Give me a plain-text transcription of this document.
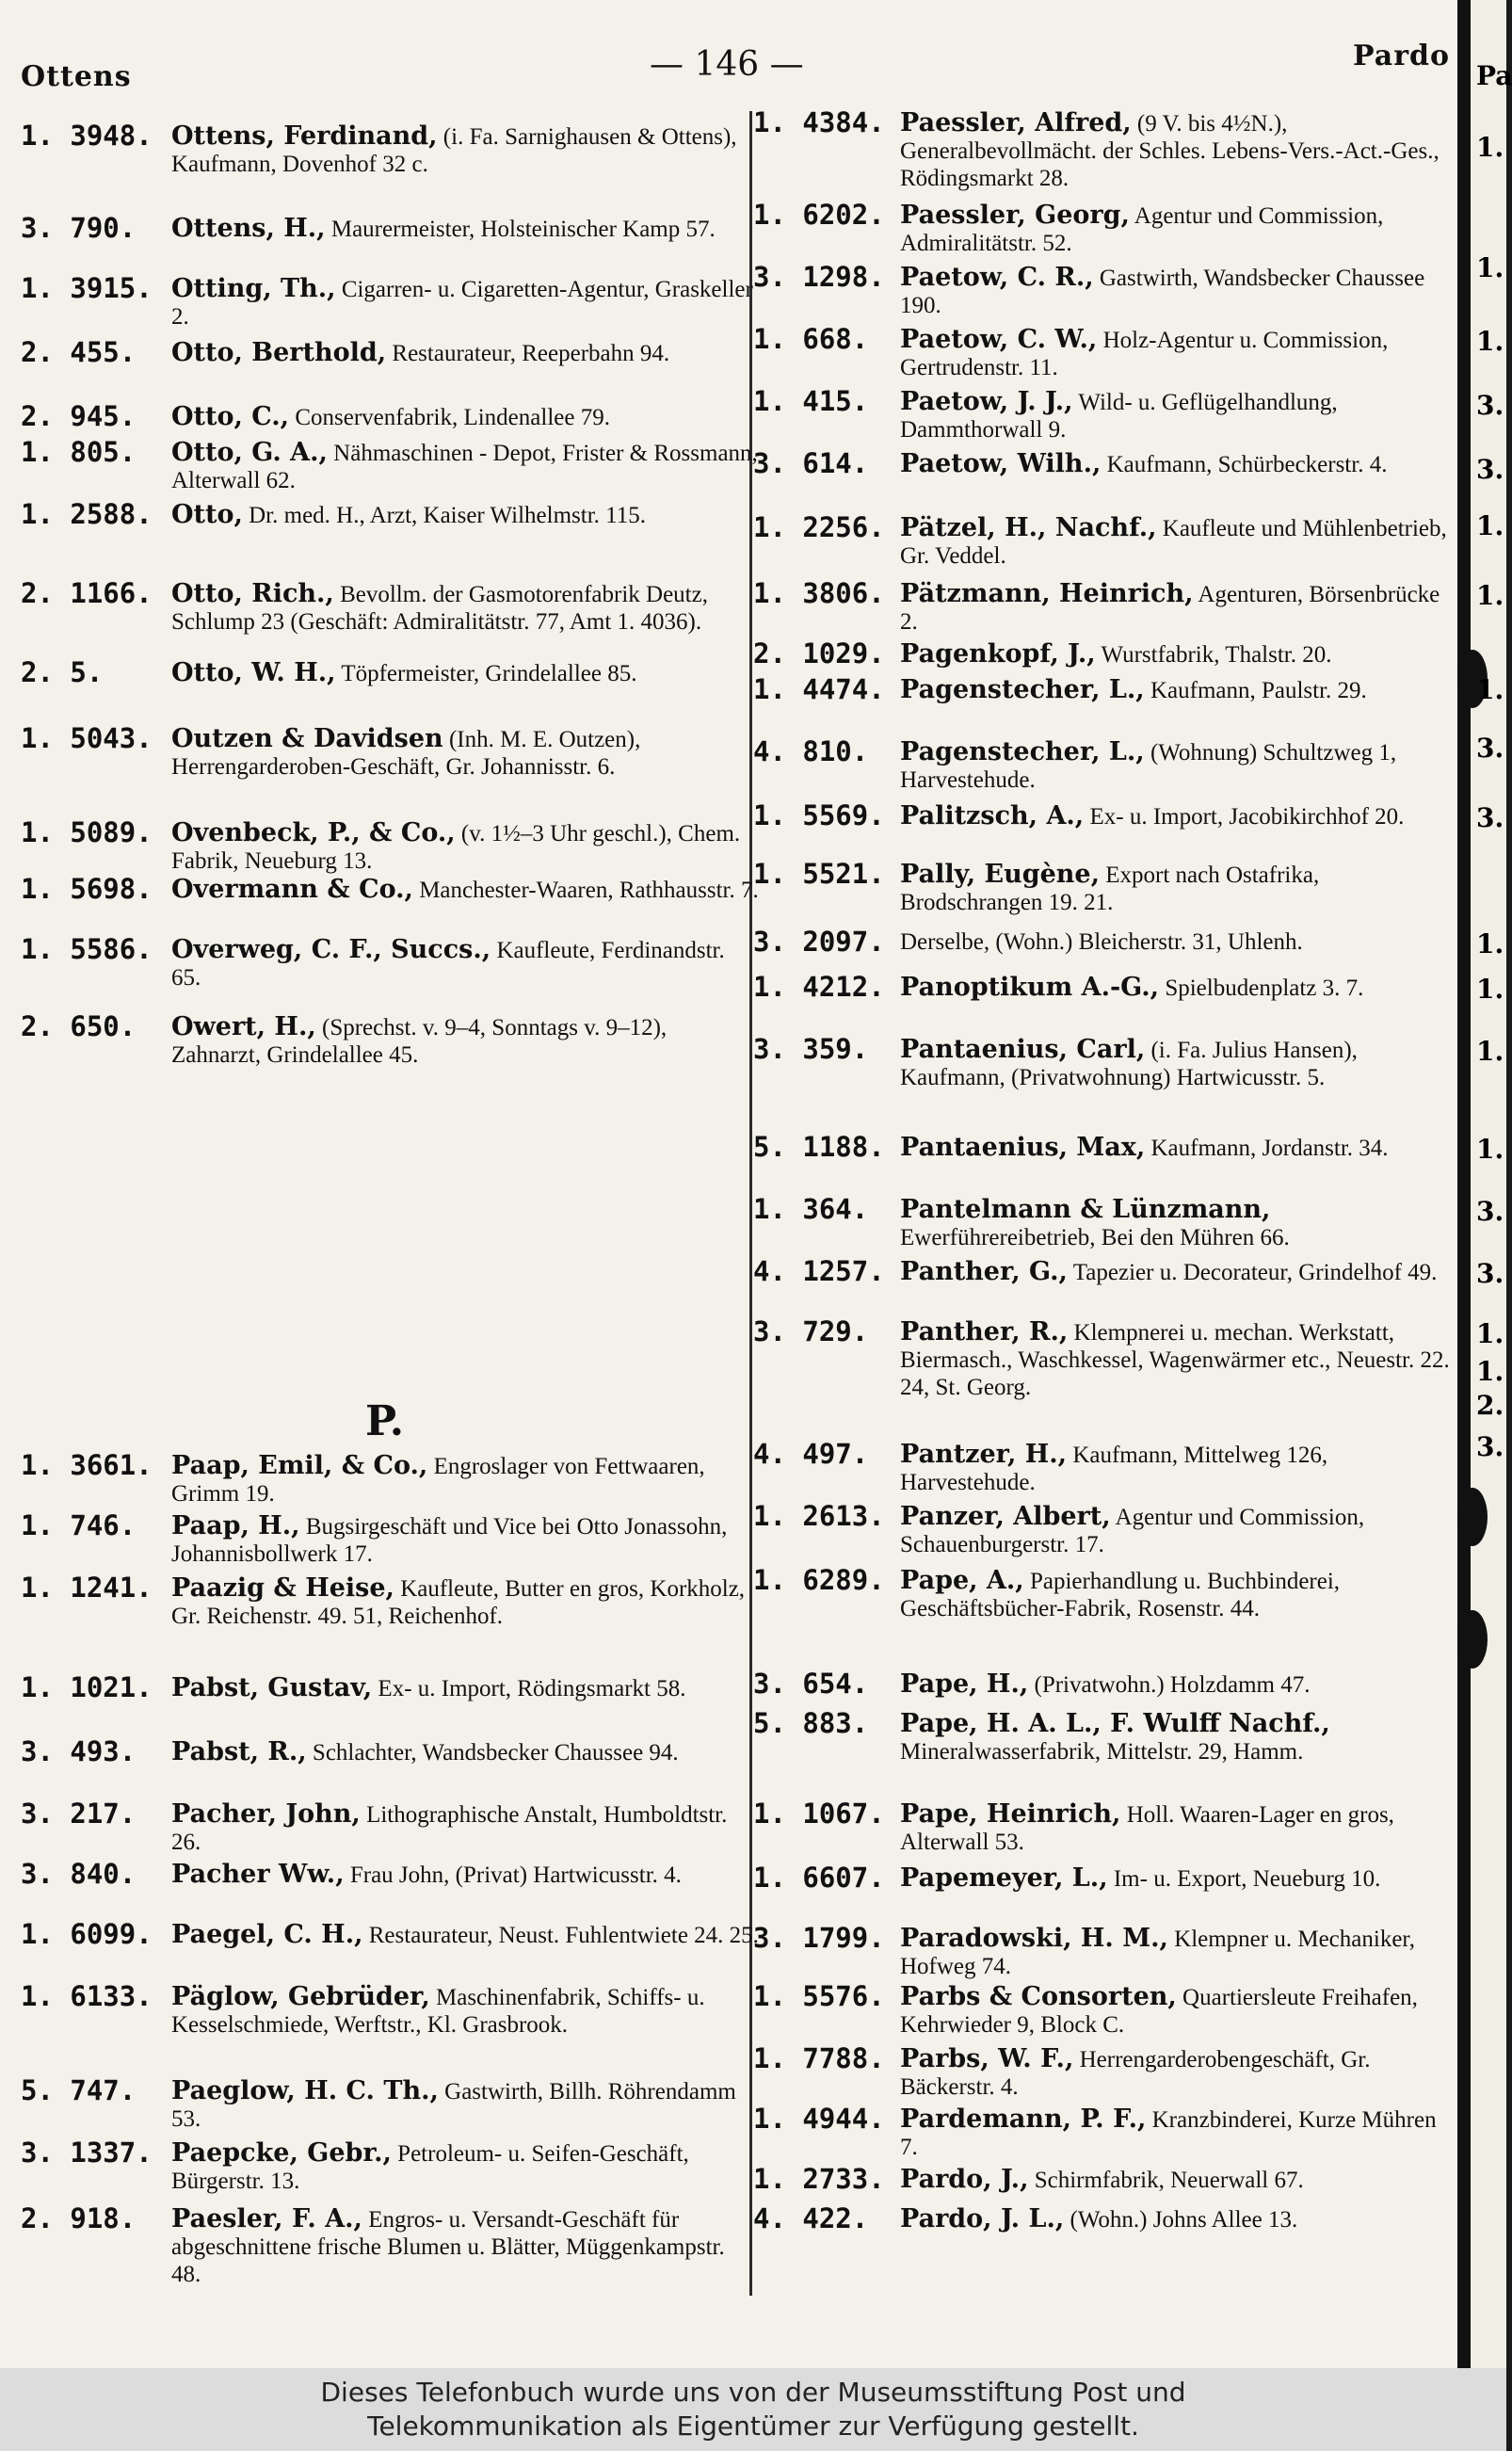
Ottens	— 146 —	Pardo
P.
1. 3948. Ottens, Ferdinand, (i. Fa. Sarnighausen & Ottens), Kaufmann, Dovenhof 32 c.
3. 790. Ottens, H., Maurermeister, Holsteinischer Kamp 57.
1. 3915. Otting, Th., Cigarren- u. Cigaretten-Agentur, Graskeller 2.
2. 455. Otto, Berthold, Restaurateur, Reeperbahn 94.
2. 945. Otto, C., Conservenfabrik, Lindenallee 79.
1. 805. Otto, G. A., Nähmaschinen - Depot, Frister & Rossmann, Alterwall 62.
1. 2588. Otto, Dr. med. H., Arzt, Kaiser Wilhelmstr. 115.
2. 1166. Otto, Rich., Bevollm. der Gasmotorenfabrik Deutz, Schlump 23 (Geschäft: Admiralitätstr. 77, Amt 1. 4036).
2. 5.	Otto, W. H., Töpfermeister, Grindelallee 85.
1. 5043. Outzen & Davidsen (Inh. M. E. Outzen), Herrengarderoben-Geschäft, Gr. Johannisstr. 6.
1. 5089. Ovenbeck, P., & Co., (v. 1½–3 Uhr geschl.), Chem. Fabrik, Neueburg 13.
1. 5698. Overmann & Co., Manchester-Waaren, Rathhausstr. 7.
1. 5586. Overweg, C. F., Succs., Kaufleute, Ferdinandstr. 65.
2. 650. Owert, H., (Sprechst. v. 9–4, Sonntags v. 9–12), Zahnarzt, Grindelallee 45.
1. 3661. Paap, Emil, & Co., Engroslager von Fettwaaren, Grimm 19.
1. 746. Paap, H., Bugsirgeschäft und Vice bei Otto Jonassohn, Johannisbollwerk 17.
1. 1241. Paazig & Heise, Kaufleute, Butter en gros, Korkholz, Gr. Reichenstr. 49. 51, Reichenhof.
1. 1021. Pabst, Gustav, Ex- u. Import, Rödingsmarkt 58.
3. 493. Pabst, R., Schlachter, Wandsbecker Chaussee 94.
3. 217. Pacher, John, Lithographische Anstalt, Humboldtstr. 26.
3. 840. Pacher Ww., Frau John, (Privat) Hartwicusstr. 4.
1. 6099. Paegel, C. H., Restaurateur, Neust. Fuhlentwiete 24. 25.
1. 6133. Päglow, Gebrüder, Maschinenfabrik, Schiffs- u. Kesselschmiede, Werftstr., Kl. Grasbrook.
5. 747. Paeglow, H. C. Th., Gastwirth, Billh. Röhrendamm 53.
3. 1337. Paepcke, Gebr., Petroleum- u. Seifen-Geschäft, Bürgerstr. 13.
2. 918. Paesler, F. A., Engros- u. Versandt-Geschäft für abgeschnittene frische Blumen u. Blätter, Müggenkampstr. 48.
1. 4384. Paessler, Alfred, (9 V. bis 4½N.), Generalbevollmächt. der Schles. Lebens-Vers.-Act.-Ges., Rödingsmarkt 28.
1. 6202. Paessler, Georg, Agentur und Commission, Admiralitätstr. 52.
3. 1298. Paetow, C. R., Gastwirth, Wandsbecker Chaussee 190.
1. 668. Paetow, C. W., Holz-Agentur u. Commission, Gertrudenstr. 11.
1. 415. Paetow, J. J., Wild- u. Geflügelhandlung, Dammthorwall 9.
3. 614. Paetow, Wilh., Kaufmann, Schürbeckerstr. 4.
1. 2256. Pätzel, H., Nachf., Kaufleute und Mühlenbetrieb, Gr. Veddel.
1. 3806. Pätzmann, Heinrich, Agenturen, Börsenbrücke 2.
2. 1029. Pagenkopf, J., Wurstfabrik, Thalstr. 20.
1. 4474. Pagenstecher, L., Kaufmann, Paulstr. 29.
4. 810. Pagenstecher, L., (Wohnung) Schultzweg 1, Harvestehude.
1. 5569. Palitzsch, A., Ex- u. Import, Jacobikirchhof 20.
1. 5521. Pally, Eugène, Export nach Ostafrika, Brodschrangen 19. 21.
3. 2097. Derselbe, (Wohn.) Bleicherstr. 31, Uhlenh.
1. 4212. Panoptikum A.-G., Spielbudenplatz 3. 7.
3. 359. Pantaenius, Carl, (i. Fa. Julius Hansen), Kaufmann, (Privatwohnung) Hartwicusstr. 5.
5. 1188. Pantaenius, Max, Kaufmann, Jordanstr. 34.
1. 364. Pantelmann & Lünzmann, Ewerführereibetrieb, Bei den Mühren 66.
4. 1257. Panther, G., Tapezier u. Decorateur, Grindelhof 49.
3. 729. Panther, R., Klempnerei u. mechan. Werkstatt, Biermasch., Waschkessel, Wagenwärmer etc., Neuestr. 22. 24, St. Georg.
4. 497. Pantzer, H., Kaufmann, Mittelweg 126, Harvestehude.
1. 2613. Panzer, Albert, Agentur und Commission, Schauenburgerstr. 17.
1. 6289. Pape, A., Papierhandlung u. Buchbinderei, Geschäftsbücher-Fabrik, Rosenstr. 44.
3. 654. Pape, H., (Privatwohn.) Holzdamm 47.
5. 883. Pape, H. A. L., F. Wulff Nachf., Mineralwasserfabrik, Mittelstr. 29, Hamm.
1. 1067. Pape, Heinrich, Holl. Waaren-Lager en gros, Alterwall 53.
1. 6607. Papemeyer, L., Im- u. Export, Neueburg 10.
3. 1799. Paradowski, H. M., Klempner u. Mechaniker, Hofweg 74.
1. 5576. Parbs & Consorten, Quartiersleute Freihafen, Kehrwieder 9, Block C.
1. 7788. Parbs, W. F., Herrengarderobengeschäft, Gr. Bäckerstr. 4.
1. 4944. Pardemann, P. F., Kranzbinderei, Kurze Mühren 7.
1. 2733. Pardo, J., Schirmfabrik, Neuerwall 67.
4. 422. Pardo, J. L., (Wohn.) Johns Allee 13.
Pa
1.
1.
1.
3.
3.
1.
1.
1.
3.
3.
1.
1.
1.
1.
3.
3.
1.
1.
2.
3.
Dieses Telefonbuch wurde uns von der Museumsstiftung Post und
Telekommunikation als Eigentümer zur Verfügung gestellt.
